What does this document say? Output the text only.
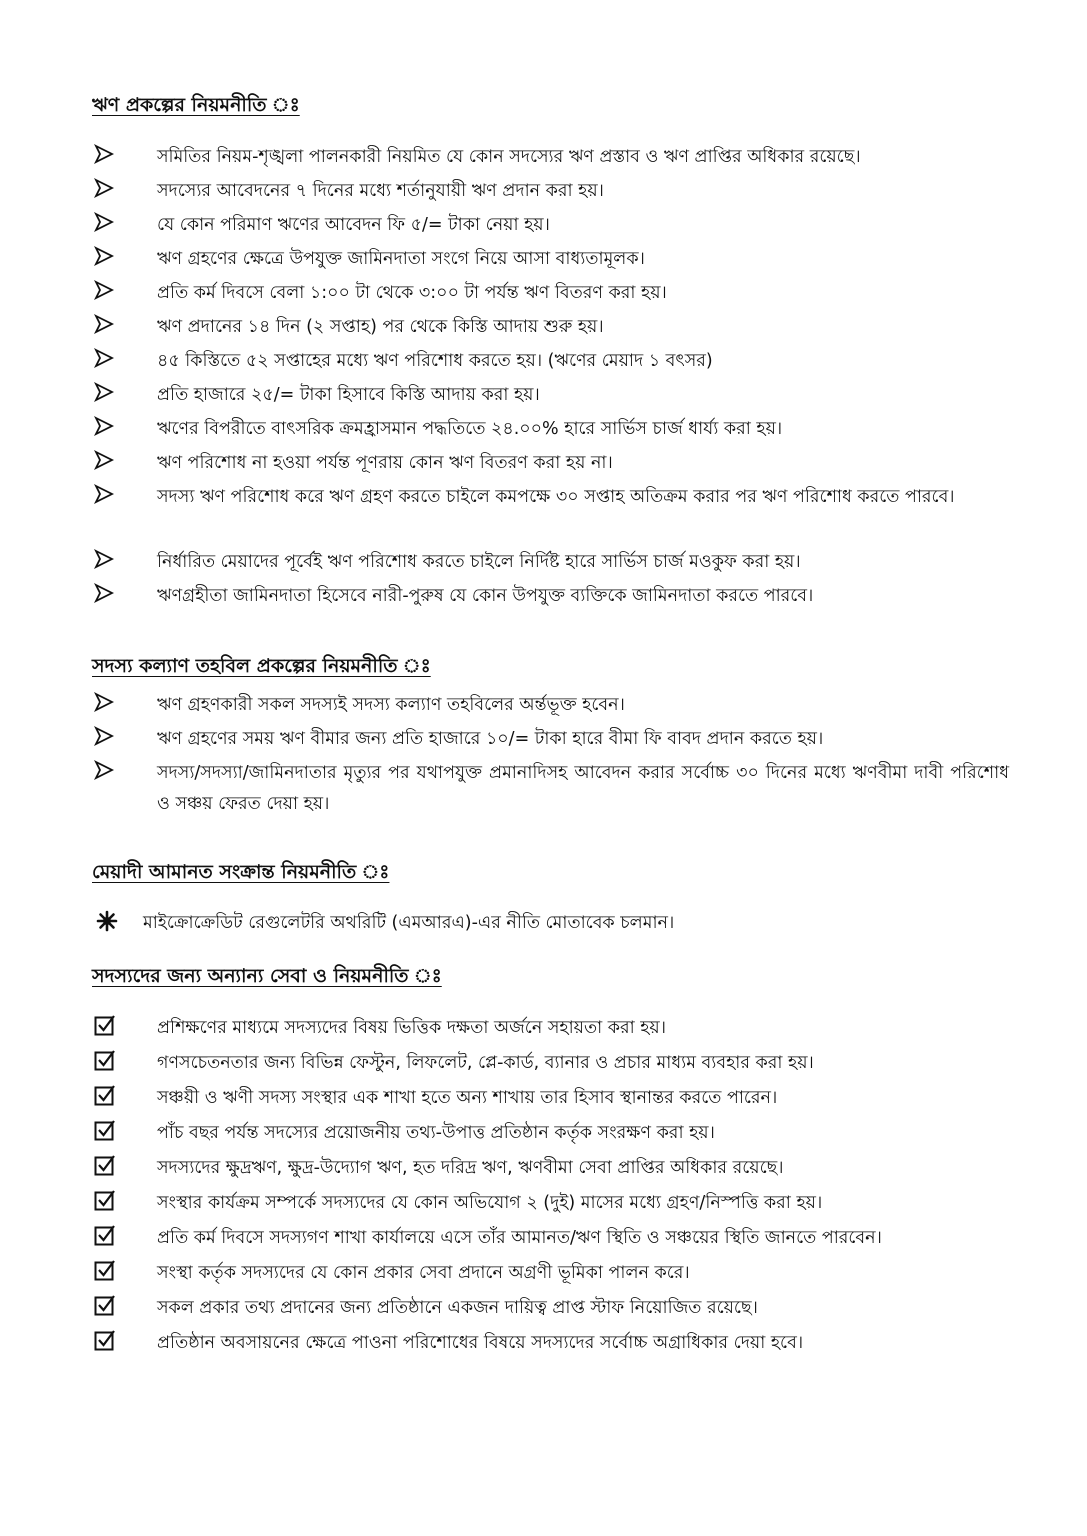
ঋণ প্রকল্পের নিয়মনীতি ঃ

সমিতির নিয়ম-শৃঙ্খলা পালনকারী নিয়মিত যে কোন সদস্যের ঋণ প্রস্তাব ও ঋণ প্রাপ্তির অধিকার রয়েছে।

সদস্যের আবেদনের ৭ দিনের মধ্যে শর্তানুযায়ী ঋণ প্রদান করা হয়।

যে কোন পরিমাণ ঋণের আবেদন ফি ৫/= টাকা নেয়া হয়।

ঋণ গ্রহণের ক্ষেত্রে উপযুক্ত জামিনদাতা সংগে নিয়ে আসা বাধ্যতামূলক।

প্রতি কর্ম দিবসে বেলা ১:০০ টা থেকে ৩:০০ টা পর্যন্ত ঋণ বিতরণ করা হয়।

ঋণ প্রদানের ১৪ দিন (২ সপ্তাহ) পর থেকে কিস্তি আদায় শুরু হয়।

৪৫ কিস্তিতে ৫২ সপ্তাহের মধ্যে ঋণ পরিশোধ করতে হয়। (ঋণের মেয়াদ ১ বৎসর)

প্রতি হাজারে ২৫/= টাকা হিসাবে কিস্তি আদায় করা হয়।

ঋণের বিপরীতে বাৎসরিক ক্রমহ্রাসমান পদ্ধতিতে ২৪.০০% হারে সার্ভিস চার্জ ধার্য্য করা হয়।

ঋণ পরিশোধ না হওয়া পর্যন্ত পূণরায় কোন ঋণ বিতরণ করা হয় না।

সদস্য ঋণ পরিশোধ করে ঋণ গ্রহণ করতে চাইলে কমপক্ষে ৩০ সপ্তাহ অতিক্রম করার পর ঋণ পরিশোধ করতে পারবে।

নির্ধারিত মেয়াদের পূর্বেই ঋণ পরিশোধ করতে চাইলে নির্দিষ্ট হারে সার্ভিস চার্জ মওকুফ করা হয়।

ঋণগ্রহীতা জামিনদাতা হিসেবে নারী-পুরুষ যে কোন উপযুক্ত ব্যক্তিকে জামিনদাতা করতে পারবে।

সদস্য কল্যাণ তহবিল প্রকল্পের নিয়মনীতি ঃ

ঋণ গ্রহণকারী সকল সদস্যই সদস্য কল্যাণ তহবিলের অর্ন্তভূক্ত হবেন।

ঋণ গ্রহণের সময় ঋণ বীমার জন্য প্রতি হাজারে ১০/= টাকা হারে বীমা ফি বাবদ প্রদান করতে হয়।

সদস্য/সদস্যা/জামিনদাতার মৃত্যুর পর যথাপযুক্ত প্রমানাদিসহ আবেদন করার সর্বোচ্চ ৩০ দিনের মধ্যে ঋণবীমা দাবী পরিশোধ ও সঞ্চয় ফেরত দেয়া হয়।

মেয়াদী আমানত সংক্রান্ত নিয়মনীতি ঃ

মাইক্রোক্রেডিট রেগুলেটরি অথরিটি (এমআরএ)-এর নীতি মোতাবেক চলমান।

সদস্যদের জন্য অন্যান্য সেবা ও নিয়মনীতি ঃ

প্রশিক্ষণের মাধ্যমে সদস্যদের বিষয় ভিত্তিক দক্ষতা অর্জনে সহায়তা করা হয়।

গণসচেতনতার জন্য বিভিন্ন ফেস্টুন, লিফলেট, প্লে-কার্ড, ব্যানার ও প্রচার মাধ্যম ব্যবহার করা হয়।

সঞ্চয়ী ও ঋণী সদস্য সংস্থার এক শাখা হতে অন্য শাখায় তার হিসাব স্থানান্তর করতে পারেন।

পাঁচ বছর পর্যন্ত সদস্যের প্রয়োজনীয় তথ্য-উপাত্ত প্রতিষ্ঠান কর্তৃক সংরক্ষণ করা হয়।

সদস্যদের ক্ষুদ্রঋণ, ক্ষুদ্র-উদ্যোগ ঋণ, হত দরিদ্র ঋণ, ঋণবীমা সেবা প্রাপ্তির অধিকার রয়েছে।

সংস্থার কার্যক্রম সম্পর্কে সদস্যদের যে কোন অভিযোগ ২ (দুই) মাসের মধ্যে গ্রহণ/নিস্পত্তি করা হয়।

প্রতি কর্ম দিবসে সদস্যগণ শাখা কার্যালয়ে এসে তাঁর আমানত/ঋণ স্থিতি ও সঞ্চয়ের স্থিতি জানতে পারবেন।

সংস্থা কর্তৃক সদস্যদের যে কোন প্রকার সেবা প্রদানে অগ্রণী ভূমিকা পালন করে।

সকল প্রকার তথ্য প্রদানের জন্য প্রতিষ্ঠানে একজন দায়িত্ব প্রাপ্ত স্টাফ নিয়োজিত রয়েছে।

প্রতিষ্ঠান অবসায়নের ক্ষেত্রে পাওনা পরিশোধের বিষয়ে সদস্যদের সর্বোচ্চ অগ্রাধিকার দেয়া হবে।
